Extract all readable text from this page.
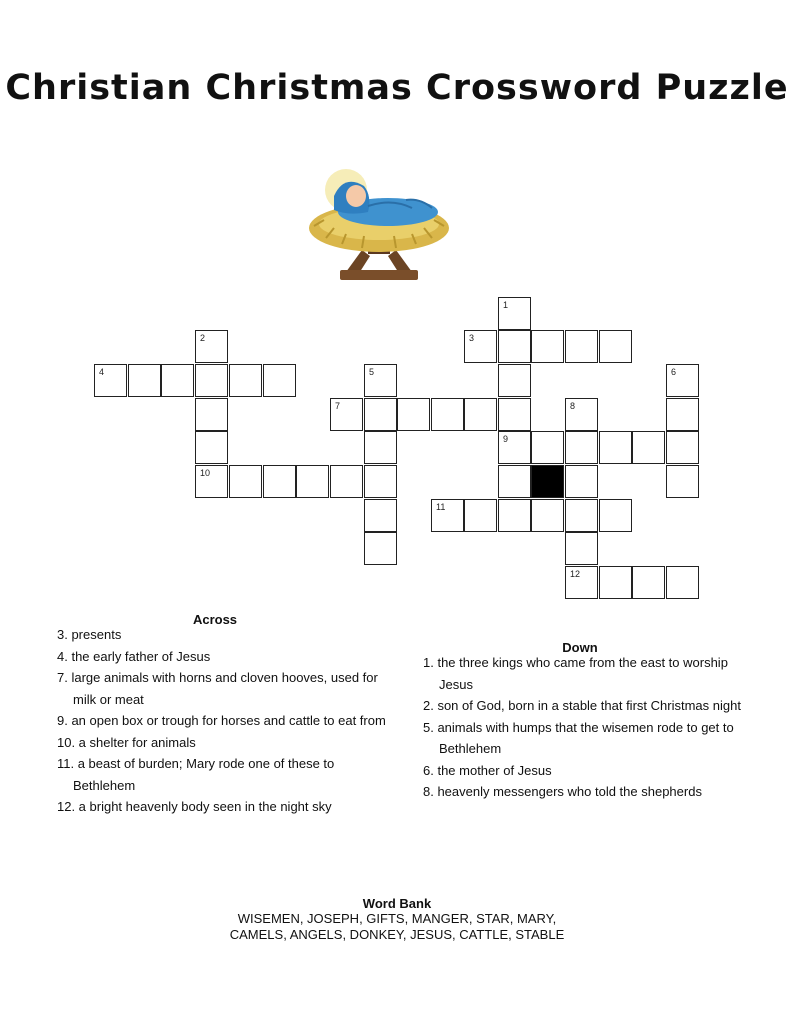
Christian Christmas Crossword Puzzle
1
9
3
2
10
4	5	6
7	8
12
11
Across
3. presents
4. the early father of Jesus
7. large animals with horns and cloven hooves, used for milk or meat
9. an open box or trough for horses and cattle to eat from
10. a shelter for animals
11. a beast of burden; Mary rode one of these to Bethlehem
12. a bright heavenly body seen in the night sky
Down
1. the three kings who came from the east to worship Jesus
2. son of God, born in a stable that first Christmas night
5. animals with humps that the wisemen rode to get to Bethlehem
6. the mother of Jesus
8. heavenly messengers who told the shepherds
Word Bank
WISEMEN, JOSEPH, GIFTS, MANGER, STAR, MARY,
CAMELS, ANGELS, DONKEY, JESUS, CATTLE, STABLE
